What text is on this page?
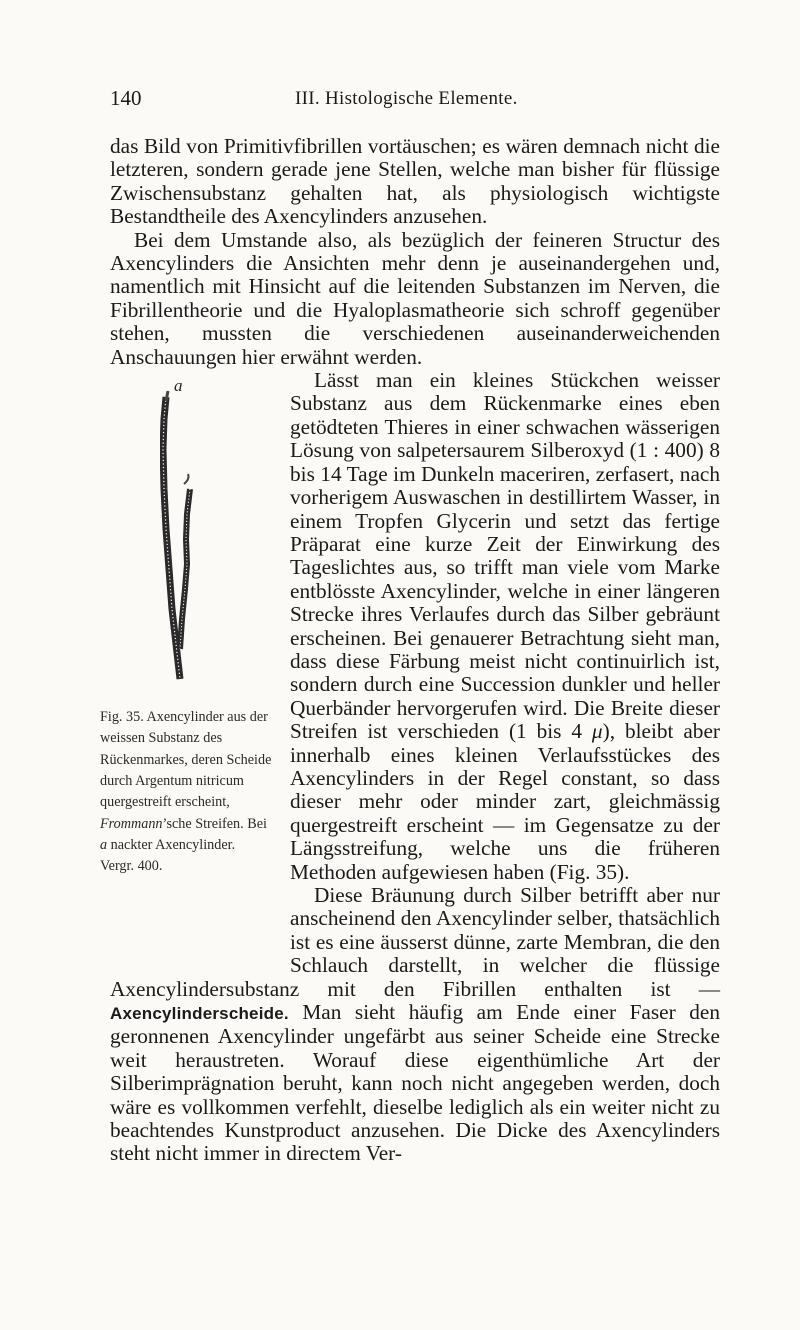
140	III. Histologische Elemente.

das Bild von Primitivfibrillen vortäuschen; es wären demnach nicht die letzteren, sondern gerade jene Stellen, welche man bisher für flüssige Zwischensubstanz gehalten hat, als physiologisch wichtigste Bestandtheile des Axencylinders anzusehen.

Bei dem Umstande also, als bezüglich der feineren Structur des Axencylinders die Ansichten mehr denn je auseinandergehen und, namentlich mit Hinsicht auf die leitenden Substanzen im Nerven, die Fibrillentheorie und die Hyaloplasmatheorie sich schroff gegenüber stehen, mussten die verschiedenen auseinanderweichenden Anschauungen hier erwähnt werden.

a
Fig. 35. Axencylinder aus der weissen Substanz des Rückenmarkes, deren Scheide durch Argentum nitricum quergestreift erscheint, Frommann’sche Streifen. Bei a nackter Axencylinder. Vergr. 400.

Lässt man ein kleines Stückchen weisser Substanz aus dem Rückenmarke eines eben getödteten Thieres in einer schwachen wässerigen Lösung von salpetersaurem Silberoxyd (1 : 400) 8 bis 14 Tage im Dunkeln maceriren, zerfasert, nach vorherigem Auswaschen in destillirtem Wasser, in einem Tropfen Glycerin und setzt das fertige Präparat eine kurze Zeit der Einwirkung des Tageslichtes aus, so trifft man viele vom Marke entblösste Axencylinder, welche in einer längeren Strecke ihres Verlaufes durch das Silber gebräunt erscheinen. Bei genauerer Betrachtung sieht man, dass diese Färbung meist nicht continuirlich ist, sondern durch eine Succession dunkler und heller Querbänder hervorgerufen wird. Die Breite dieser Streifen ist verschieden (1 bis 4 μ), bleibt aber innerhalb eines kleinen Verlaufsstückes des Axencylinders in der Regel constant, so dass dieser mehr oder minder zart, gleichmässig quergestreift erscheint — im Gegensatze zu der Längsstreifung, welche uns die früheren Methoden aufgewiesen haben (Fig. 35).

Diese Bräunung durch Silber betrifft aber nur anscheinend den Axencylinder selber, thatsächlich ist es eine äusserst dünne, zarte Membran, die den Schlauch darstellt, in welcher die flüssige Axencylindersubstanz mit den Fibrillen enthalten ist — Axencylinderscheide. Man sieht häufig am Ende einer Faser den geronnenen Axencylinder ungefärbt aus seiner Scheide eine Strecke weit heraustreten. Worauf diese eigenthümliche Art der Silberimprägnation beruht, kann noch nicht angegeben werden, doch wäre es vollkommen verfehlt, dieselbe lediglich als ein weiter nicht zu beachtendes Kunstproduct anzusehen. Die Dicke des Axencylinders steht nicht immer in directem Ver-
